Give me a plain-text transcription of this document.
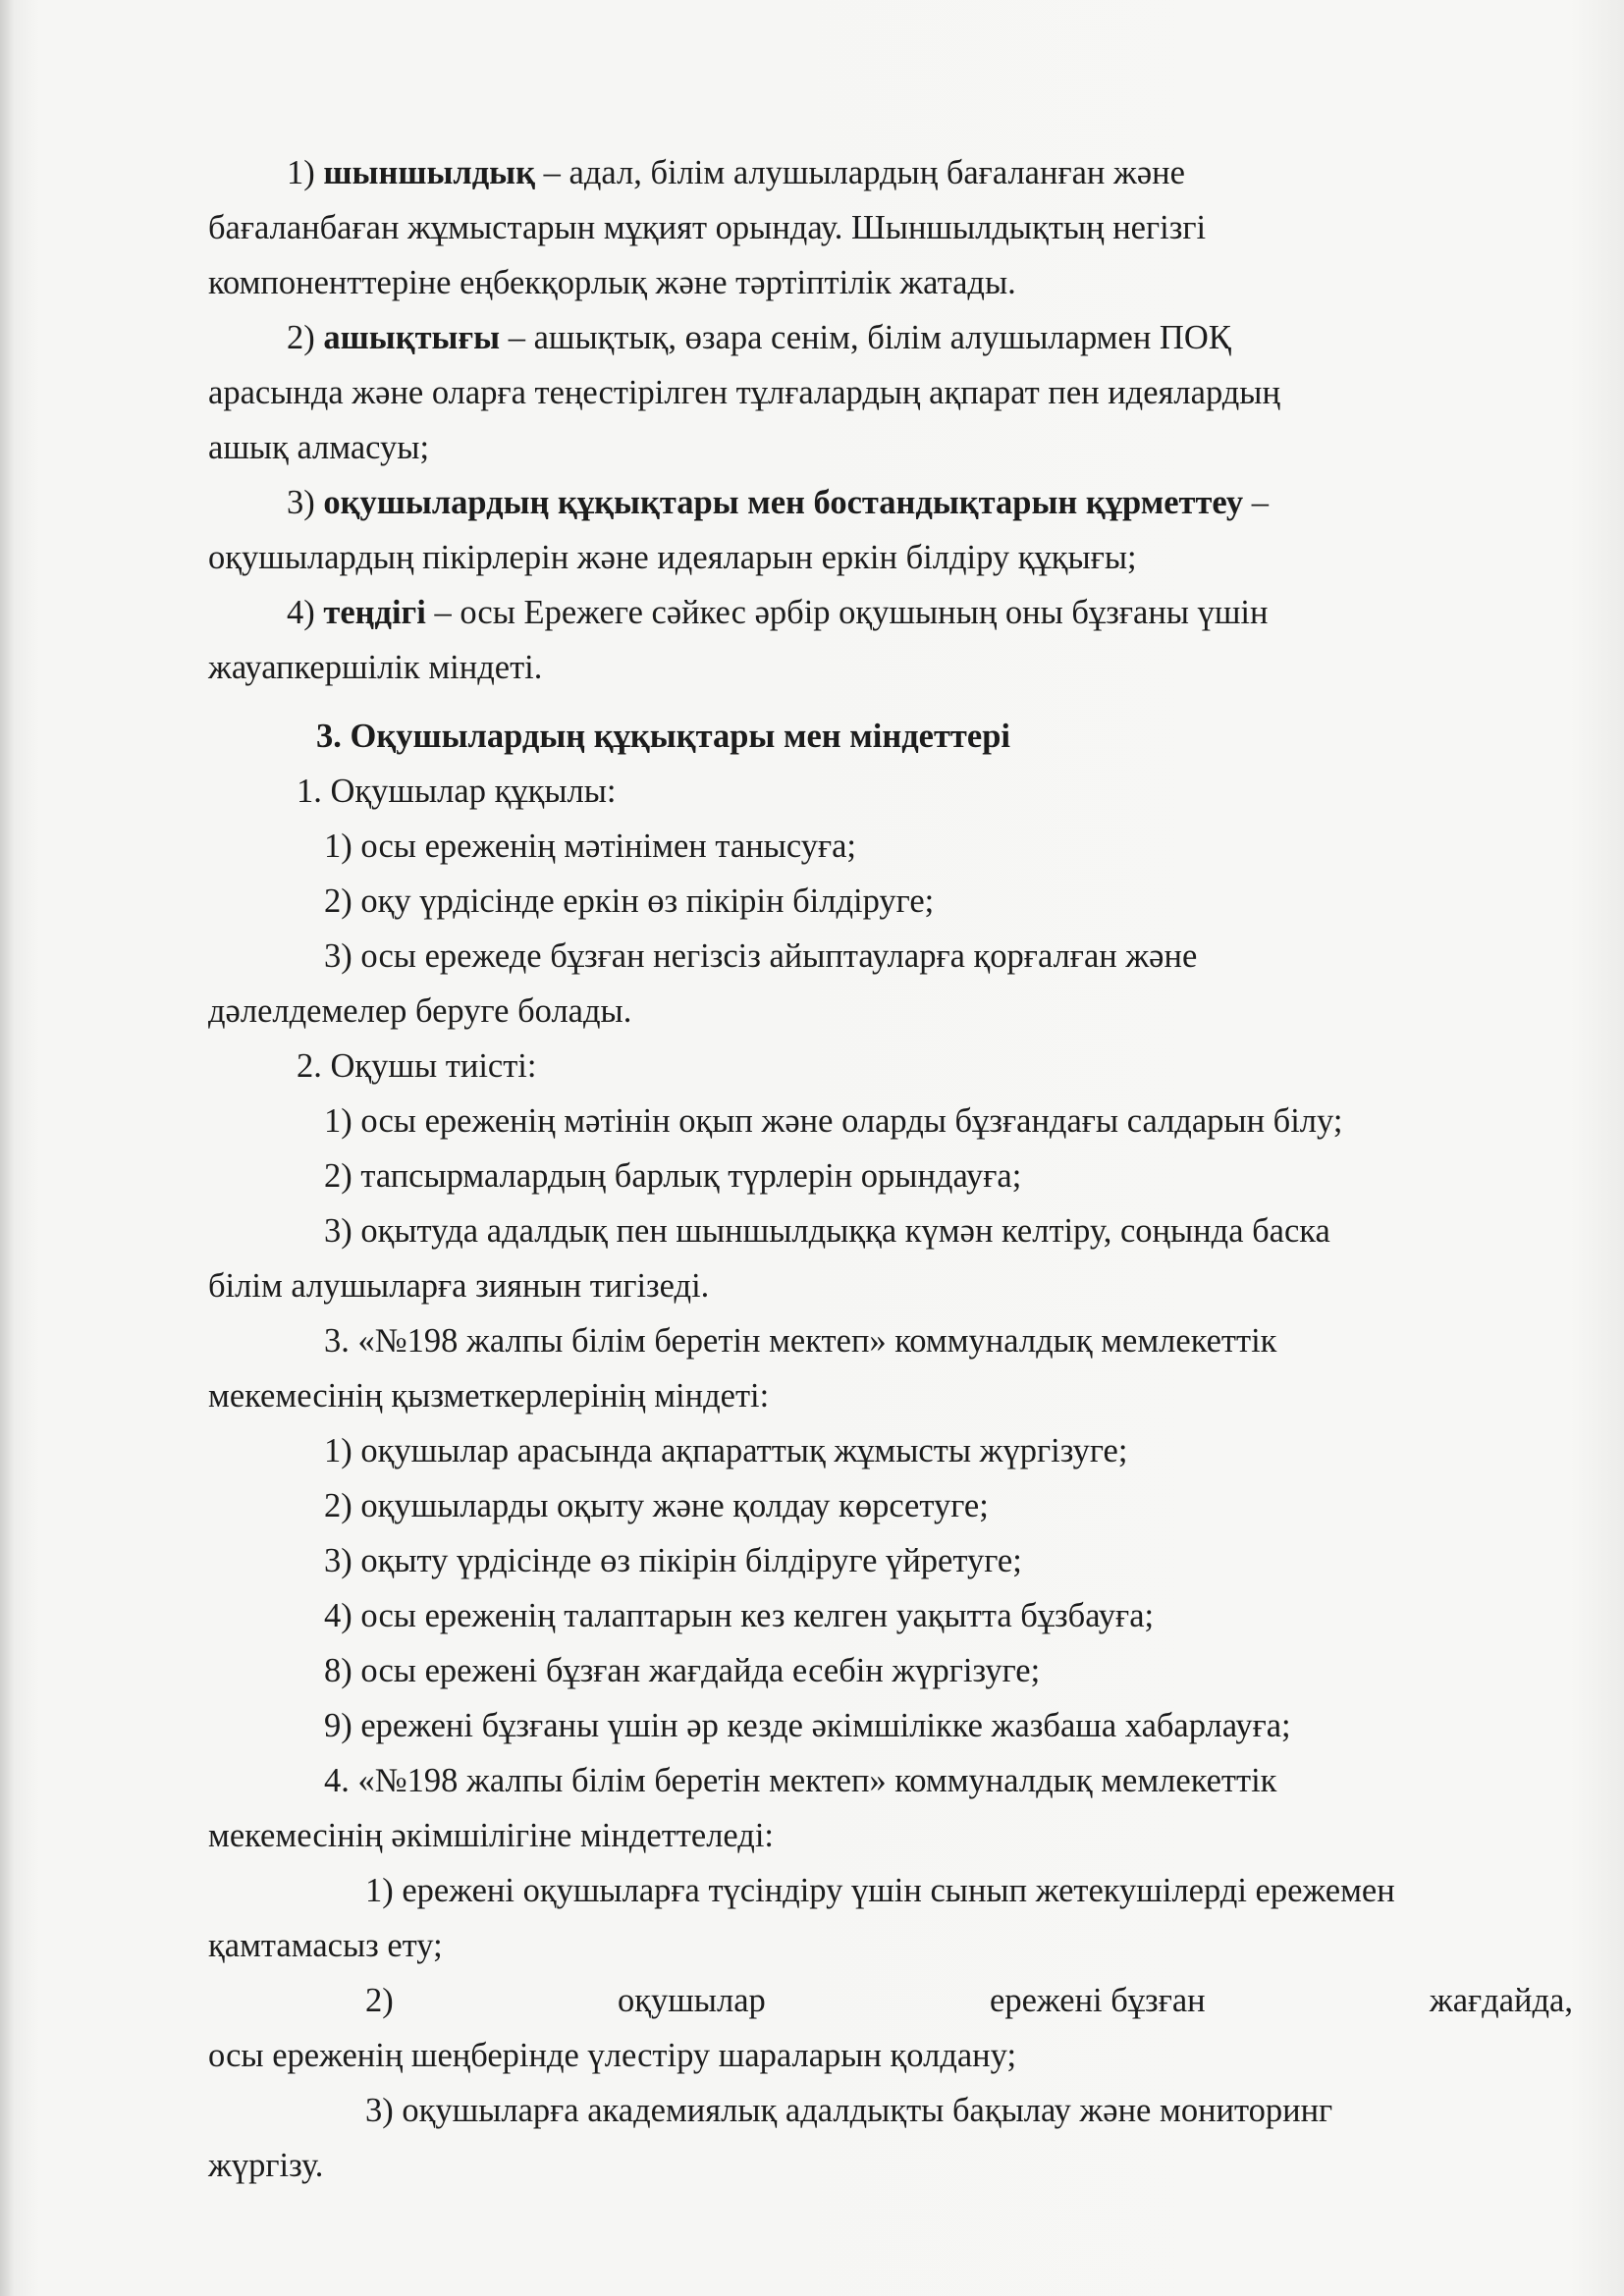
1) шыншылдық – адал, білім алушылардың бағаланған және
бағаланбаған жұмыстарын мұқият орындау. Шыншылдықтың негізгі
компоненттеріне еңбекқорлық және тәртіптілік жатады.
2) ашықтығы – ашықтық, өзара сенім, білім алушылармен ПОҚ
арасында және оларға теңестірілген тұлғалардың ақпарат пен идеялардың
ашық алмасуы;
3) оқушылардың құқықтары мен бостандықтарын құрметтеу –
оқушылардың пікірлерін және идеяларын еркін білдіру құқығы;
4) теңдігі – осы Ережеге сәйкес әрбір оқушының оны бұзғаны үшін
жауапкершілік міндеті.
3. Оқушылардың құқықтары мен міндеттері
1. Оқушылар құқылы:
1) осы ереженің мәтінімен танысуға;
2) оқу үрдісінде еркін өз пікірін білдіруге;
3) осы ережеде бұзған негізсіз айыптауларға қорғалған және
дәлелдемелер беруге болады.
2. Оқушы тиісті:
1) осы ереженің мәтінін оқып және оларды бұзғандағы салдарын білу;
2) тапсырмалардың барлық түрлерін орындауға;
3) оқытуда адалдық пен шыншылдыққа күмән келтіру, соңында баска
білім алушыларға зиянын тигізеді.
3. «№198 жалпы білім беретін мектеп» коммуналдық мемлекеттік
мекемесінің қызметкерлерінің міндеті:
1) оқушылар арасында ақпараттық жұмысты жүргізуге;
2) оқушыларды оқыту және қолдау көрсетуге;
3) оқыту үрдісінде өз пікірін білдіруге үйретуге;
4) осы ереженің талаптарын кез келген уақытта бұзбауға;
8) осы ережені бұзған жағдайда есебін жүргізуге;
9) ережені бұзғаны үшін әр кезде әкімшілікке жазбаша хабарлауға;
4. «№198 жалпы білім беретін мектеп» коммуналдық мемлекеттік
мекемесінің әкімшілігіне міндеттеледі:
1) ережені оқушыларға түсіндіру үшін сынып жетекушілерді ережемен
қамтамасыз ету;
2)	оқушылар	ережені бұзған	жағдайда,
осы ереженің шеңберінде үлестіру шараларын қолдану;
3) оқушыларға академиялық адалдықты бақылау және мониторинг
жүргізу.
